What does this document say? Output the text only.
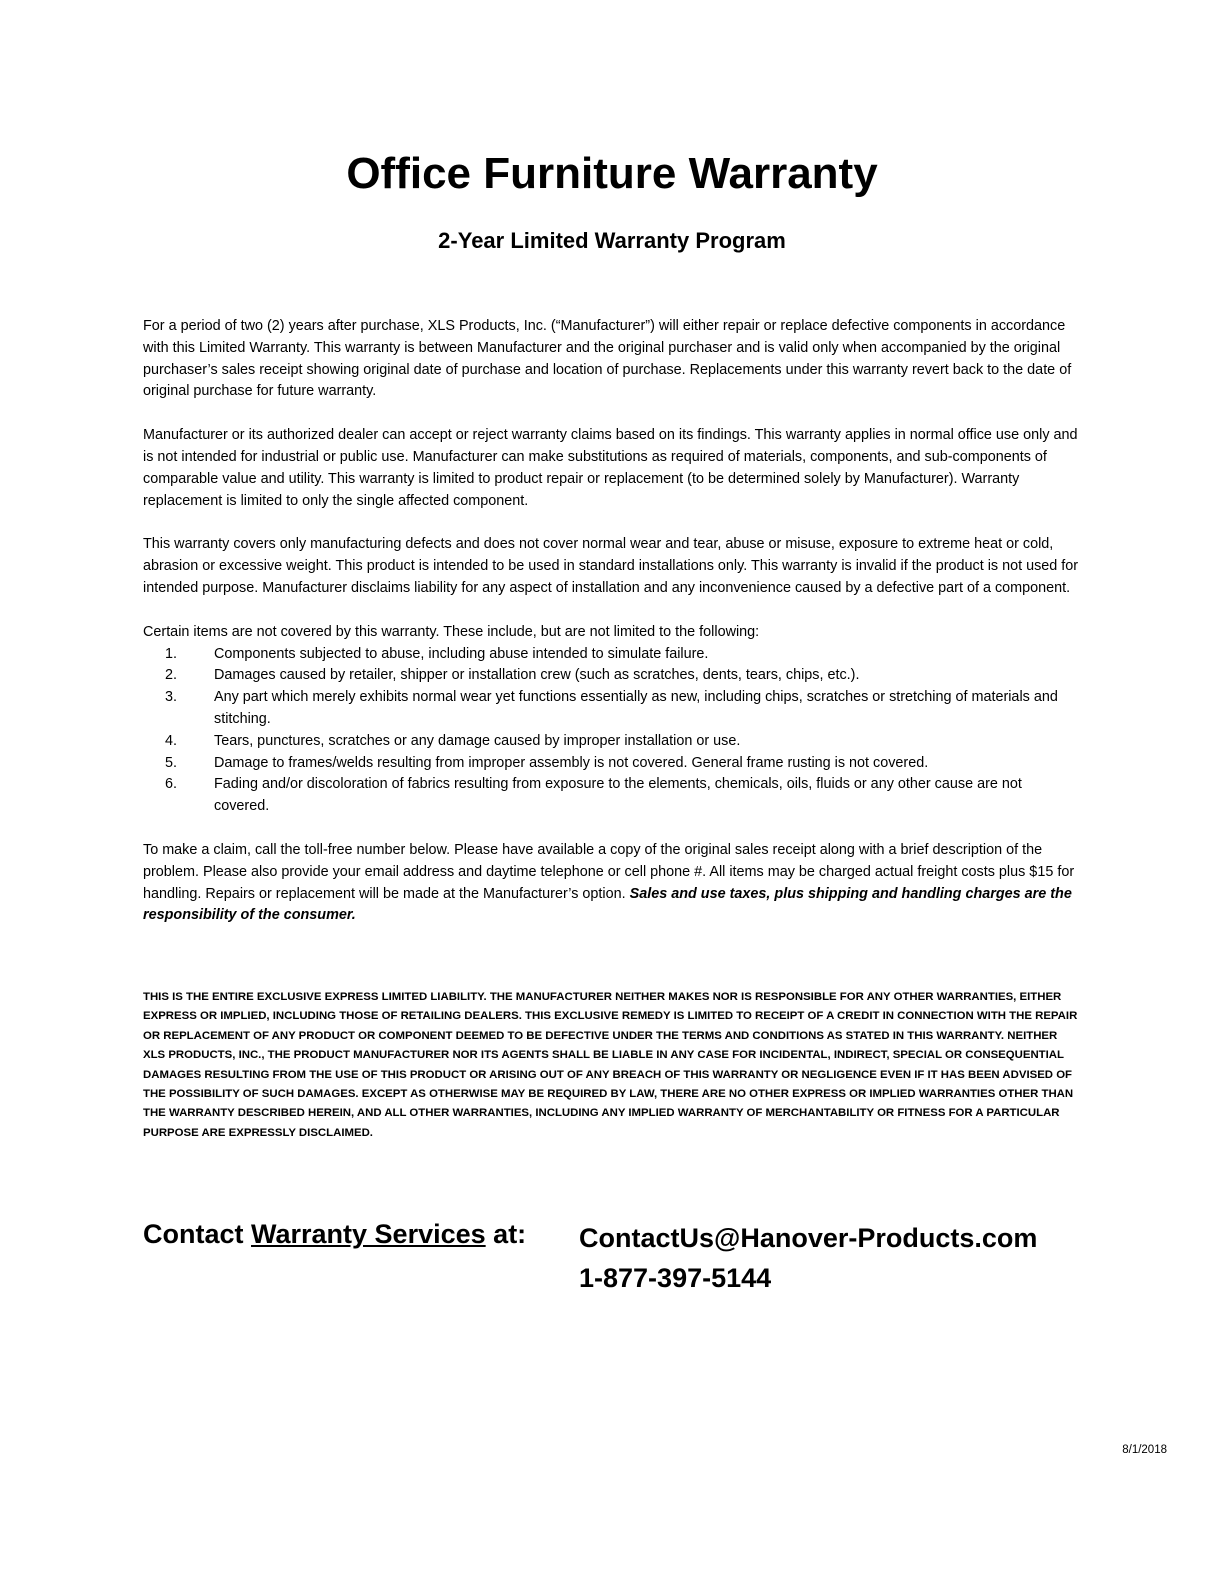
Office Furniture Warranty
2-Year Limited Warranty Program

For a period of two (2) years after purchase, XLS Products, Inc. (“Manufacturer”) will either repair or replace defective components in accordance with this Limited Warranty. This warranty is between Manufacturer and the original purchaser and is valid only when accompanied by the original purchaser’s sales receipt showing original date of purchase and location of purchase. Replacements under this warranty revert back to the date of original purchase for future warranty.

Manufacturer or its authorized dealer can accept or reject warranty claims based on its findings. This warranty applies in normal office use only and is not intended for industrial or public use. Manufacturer can make substitutions as required of materials, components, and sub-components of comparable value and utility. This warranty is limited to product repair or replacement (to be determined solely by Manufacturer). Warranty replacement is limited to only the single affected component.

This warranty covers only manufacturing defects and does not cover normal wear and tear, abuse or misuse, exposure to extreme heat or cold, abrasion or excessive weight. This product is intended to be used in standard installations only. This warranty is invalid if the product is not used for intended purpose. Manufacturer disclaims liability for any aspect of installation and any inconvenience caused by a defective part of a component.

Certain items are not covered by this warranty. These include, but are not limited to the following:

1.	Components subjected to abuse, including abuse intended to simulate failure.
2.	Damages caused by retailer, shipper or installation crew (such as scratches, dents, tears, chips, etc.).
3.	Any part which merely exhibits normal wear yet functions essentially as new, including chips, scratches or stretching of materials and stitching.
4.	Tears, punctures, scratches or any damage caused by improper installation or use.
5.	Damage to frames/welds resulting from improper assembly is not covered. General frame rusting is not covered.
6.	Fading and/or discoloration of fabrics resulting from exposure to the elements, chemicals, oils, fluids or any other cause are not covered.

To make a claim, call the toll-free number below. Please have available a copy of the original sales receipt along with a brief description of the problem. Please also provide your email address and daytime telephone or cell phone #. All items may be charged actual freight costs plus $15 for handling. Repairs or replacement will be made at the Manufacturer’s option. Sales and use taxes, plus shipping and handling charges are the responsibility of the consumer.

THIS IS THE ENTIRE EXCLUSIVE EXPRESS LIMITED LIABILITY. THE MANUFACTURER NEITHER MAKES NOR IS RESPONSIBLE FOR ANY OTHER WARRANTIES, EITHER EXPRESS OR IMPLIED, INCLUDING THOSE OF RETAILING DEALERS. THIS EXCLUSIVE REMEDY IS LIMITED TO RECEIPT OF A CREDIT IN CONNECTION WITH THE REPAIR OR REPLACEMENT OF ANY PRODUCT OR COMPONENT DEEMED TO BE DEFECTIVE UNDER THE TERMS AND CONDITIONS AS STATED IN THIS WARRANTY. NEITHER XLS PRODUCTS, INC., THE PRODUCT MANUFACTURER NOR ITS AGENTS SHALL BE LIABLE IN ANY CASE FOR INCIDENTAL, INDIRECT, SPECIAL OR CONSEQUENTIAL DAMAGES RESULTING FROM THE USE OF THIS PRODUCT OR ARISING OUT OF ANY BREACH OF THIS WARRANTY OR NEGLIGENCE EVEN IF IT HAS BEEN ADVISED OF THE POSSIBILITY OF SUCH DAMAGES. EXCEPT AS OTHERWISE MAY BE REQUIRED BY LAW, THERE ARE NO OTHER EXPRESS OR IMPLIED WARRANTIES OTHER THAN THE WARRANTY DESCRIBED HEREIN, AND ALL OTHER WARRANTIES, INCLUDING ANY IMPLIED WARRANTY OF MERCHANTABILITY OR FITNESS FOR A PARTICULAR PURPOSE ARE EXPRESSLY DISCLAIMED.

Contact Warranty Services at: ContactUs@Hanover-Products.com
1-877-397-5144

8/1/2018
